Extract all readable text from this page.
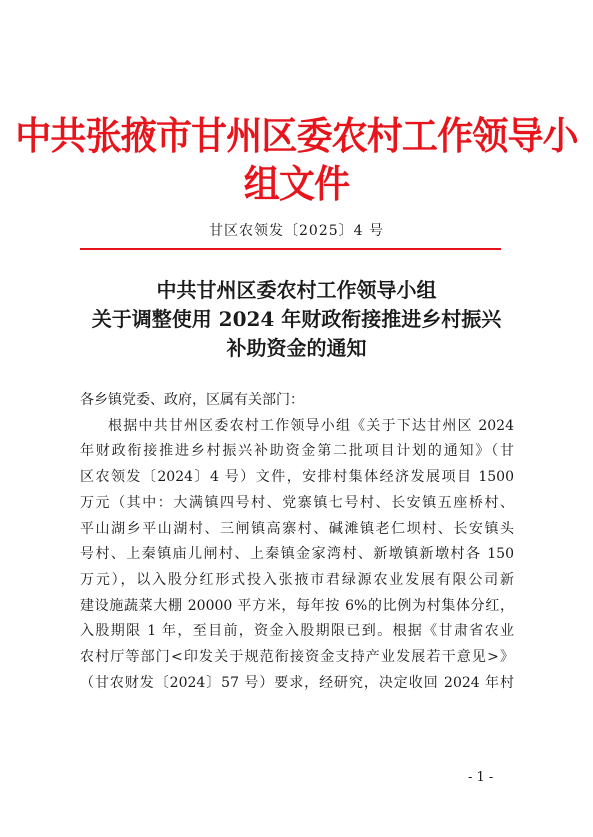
中共张掖市甘州区委农村工作领导小组文件
甘区农领发〔2025〕4 号
中共甘州区委农村工作领导小组
关于调整使用 2024 年财政衔接推进乡村振兴
补助资金的通知
各乡镇党委、政府，区属有关部门：
根据中共甘州区委农村工作领导小组《关于下达甘州区 2024
年财政衔接推进乡村振兴补助资金第二批项目计划的通知》（甘
区农领发〔2024〕4 号）文件，安排村集体经济发展项目 1500
万元（其中：大满镇四号村、党寨镇七号村、长安镇五座桥村、
平山湖乡平山湖村、三闸镇高寨村、碱滩镇老仁坝村、长安镇头
号村、上秦镇庙儿闸村、上秦镇金家湾村、新墩镇新墩村各 150
万元），以入股分红形式投入张掖市君绿源农业发展有限公司新
建设施蔬菜大棚 20000 平方米，每年按 6%的比例为村集体分红，
入股期限 1 年，至目前，资金入股期限已到。根据《甘肃省农业
农村厅等部门<印发关于规范衔接资金支持产业发展若干意见>》
（甘农财发〔2024〕57 号）要求，经研究，决定收回 2024 年村
- 1 -
